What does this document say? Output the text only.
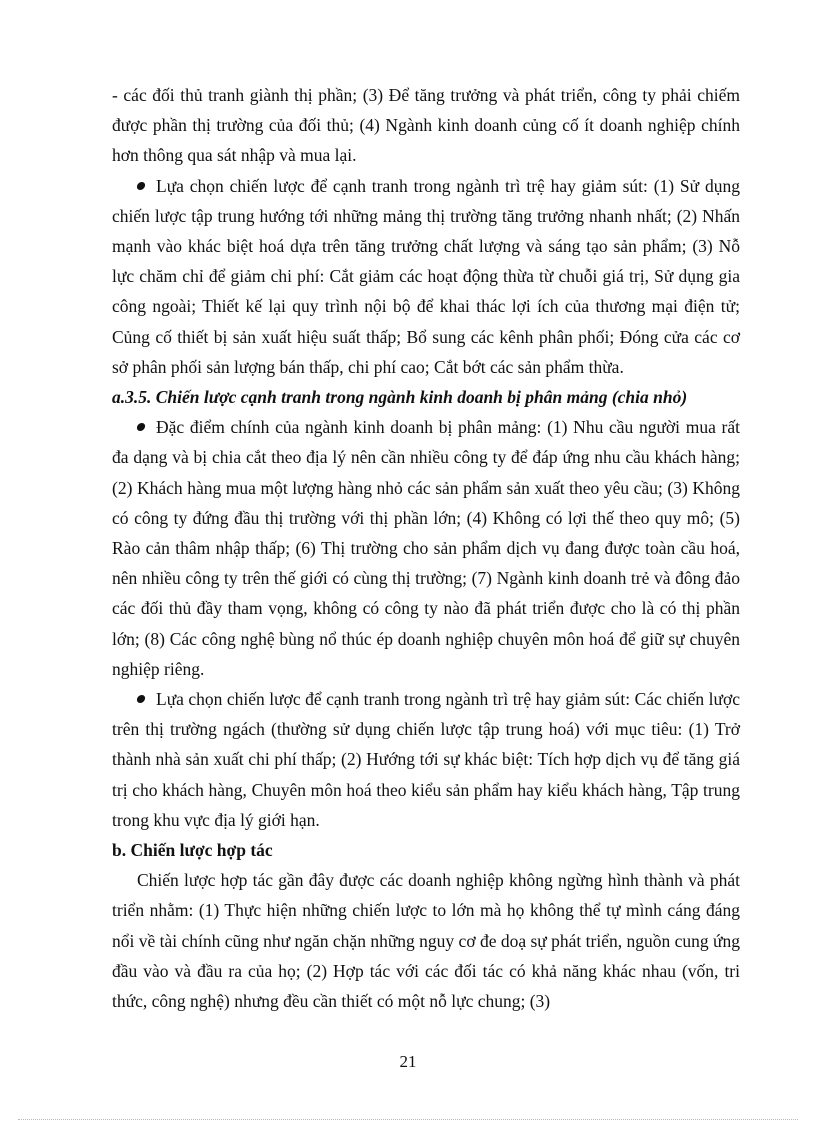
- các đối thủ tranh giành thị phần; (3) Để tăng trưởng và phát triển, công ty phải chiếm được phần thị trường của đối thủ; (4) Ngành kinh doanh củng cố ít doanh nghiệp chính hơn thông qua sát nhập và mua lại.

Lựa chọn chiến lược để cạnh tranh trong ngành trì trệ hay giảm sút: (1) Sử dụng chiến lược tập trung hướng tới những mảng thị trường tăng trưởng nhanh nhất; (2) Nhấn mạnh vào khác biệt hoá dựa trên tăng trưởng chất lượng và sáng tạo sản phẩm; (3) Nỗ lực chăm chỉ để giảm chi phí: Cắt giảm các hoạt động thừa từ chuỗi giá trị, Sử dụng gia công ngoài; Thiết kế lại quy trình nội bộ để khai thác lợi ích của thương mại điện tử; Củng cố thiết bị sản xuất hiệu suất thấp; Bổ sung các kênh phân phối; Đóng cửa các cơ sở phân phối sản lượng bán thấp, chi phí cao; Cắt bớt các sản phẩm thừa.

a.3.5. Chiến lược cạnh tranh trong ngành kinh doanh bị phân mảng (chia nhỏ)

Đặc điểm chính của ngành kinh doanh bị phân mảng: (1) Nhu cầu người mua rất đa dạng và bị chia cắt theo địa lý nên cần nhiều công ty để đáp ứng nhu cầu khách hàng; (2) Khách hàng mua một lượng hàng nhỏ các sản phẩm sản xuất theo yêu cầu; (3) Không có công ty đứng đầu thị trường với thị phần lớn; (4) Không có lợi thế theo quy mô; (5) Rào cản thâm nhập thấp; (6) Thị trường cho sản phẩm dịch vụ đang được toàn cầu hoá, nên nhiều công ty trên thế giới có cùng thị trường; (7) Ngành kinh doanh trẻ và đông đảo các đối thủ đầy tham vọng, không có công ty nào đã phát triển được cho là có thị phần lớn; (8) Các công nghệ bùng nổ thúc ép doanh nghiệp chuyên môn hoá để giữ sự chuyên nghiệp riêng.

Lựa chọn chiến lược để cạnh tranh trong ngành trì trệ hay giảm sút: Các chiến lược trên thị trường ngách (thường sử dụng chiến lược tập trung hoá) với mục tiêu: (1) Trở thành nhà sản xuất chi phí thấp; (2) Hướng tới sự khác biệt: Tích hợp dịch vụ để tăng giá trị cho khách hàng, Chuyên môn hoá theo kiểu sản phẩm hay kiểu khách hàng, Tập trung trong khu vực địa lý giới hạn.

b. Chiến lược hợp tác

Chiến lược hợp tác gần đây được các doanh nghiệp không ngừng hình thành và phát triển nhằm: (1) Thực hiện những chiến lược to lớn mà họ không thể tự mình cáng đáng nổi về tài chính cũng như ngăn chặn những nguy cơ đe doạ sự phát triển, nguồn cung ứng đầu vào và đầu ra của họ; (2) Hợp tác với các đối tác có khả năng khác nhau (vốn, tri thức, công nghệ) nhưng đều cần thiết có một nỗ lực chung; (3)

21
